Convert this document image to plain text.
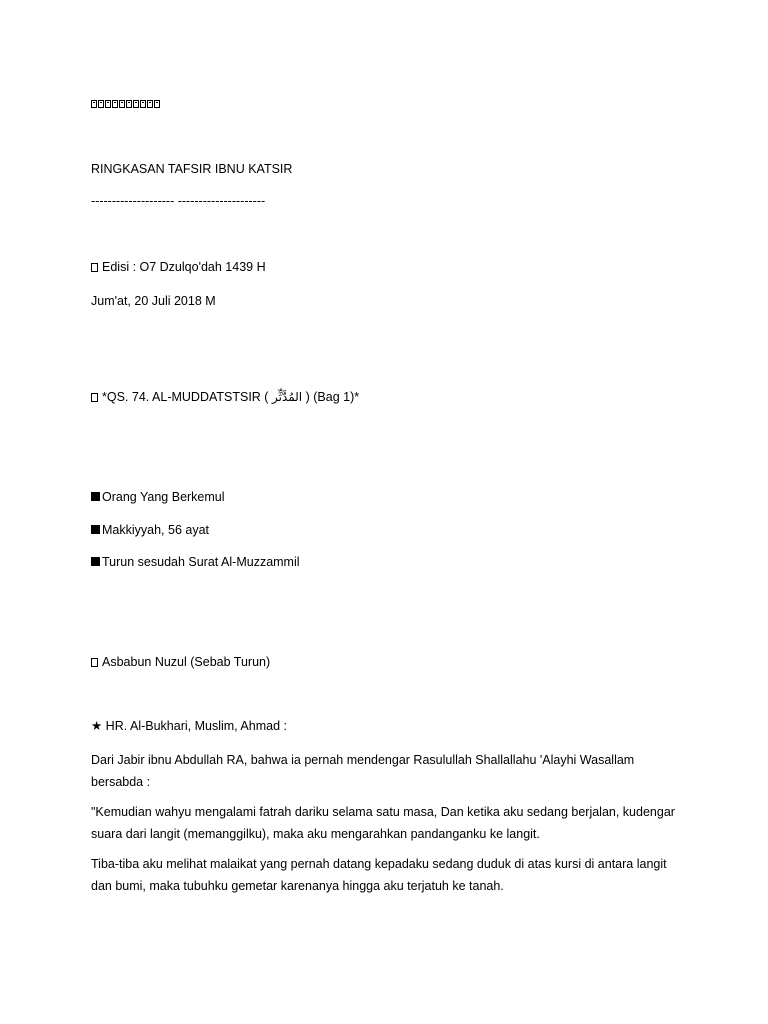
RINGKASAN TAFSIR IBNU KATSIR
-------------------- ---------------------
Edisi : O7 Dzulqo'dah 1439 H
Jum'at, 20 Juli 2018 M
*QS. 74. AL-MUDDATSTSIR ( المُدَّثِّر ) (Bag 1)*
Orang Yang Berkemul
Makkiyyah, 56 ayat
Turun sesudah Surat Al-Muzzammil
Asbabun Nuzul (Sebab Turun)
★ HR. Al-Bukhari, Muslim, Ahmad :
Dari Jabir ibnu Abdullah RA, bahwa ia pernah mendengar Rasulullah Shallallahu 'Alayhi Wasallam bersabda :
"Kemudian wahyu mengalami fatrah dariku selama satu masa, Dan ketika aku sedang berjalan, kudengar suara dari langit (memanggilku), maka aku mengarahkan pandanganku ke langit.
Tiba-tiba aku melihat malaikat yang pernah datang kepadaku sedang duduk di atas kursi di antara langit dan bumi, maka tubuhku gemetar karenanya hingga aku terjatuh ke tanah.
